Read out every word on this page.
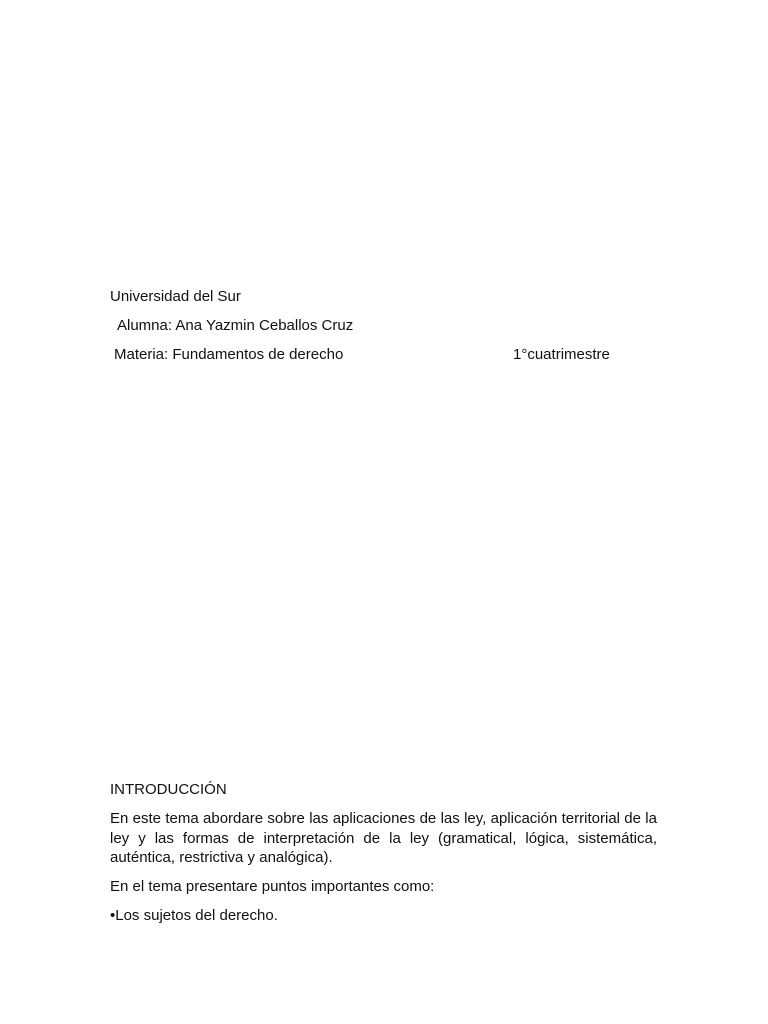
Universidad del Sur
Alumna: Ana Yazmin Ceballos Cruz
Materia: Fundamentos de derecho	1°cuatrimestre
INTRODUCCIÓN
En este tema abordare sobre las aplicaciones de las ley, aplicación territorial de la ley y las formas de interpretación de la ley (gramatical, lógica, sistemática, auténtica, restrictiva y analógica).
En el tema presentare puntos importantes como:
•Los sujetos del derecho.
